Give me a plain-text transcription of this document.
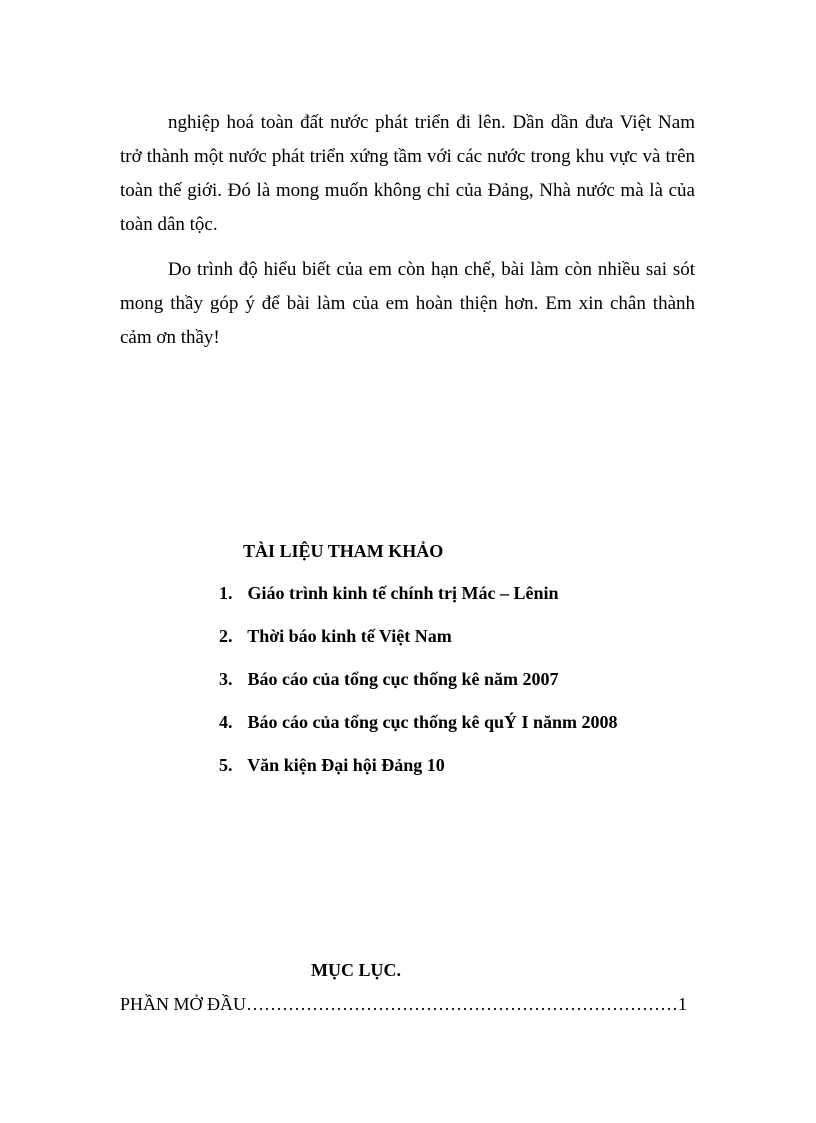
nghiệp hoá toàn đất nước phát triển đi lên. Dần dần đưa Việt Nam trở thành một nước phát triển xứng tầm với các nước trong khu vực và trên toàn thế giới. Đó là mong muốn không chỉ của Đảng, Nhà nước mà là của toàn dân tộc.

Do trình độ hiểu biết của em còn hạn chế, bài làm còn nhiều sai sót mong thầy góp ý để bài làm của em hoàn thiện hơn. Em xin chân thành cảm ơn thầy!

TÀI LIỆU THAM KHẢO
1. Giáo trình kinh tế chính trị Mác – Lênin
2. Thời báo kinh tế Việt Nam
3. Báo cáo của tổng cục thống kê năm 2007
4. Báo cáo của tổng cục thống kê quÝ I nănm 2008
5. Văn kiện Đại hội Đảng 10
MỤC LỤC.
PHẦN MỞ ĐẦU………………………………………………………………1
